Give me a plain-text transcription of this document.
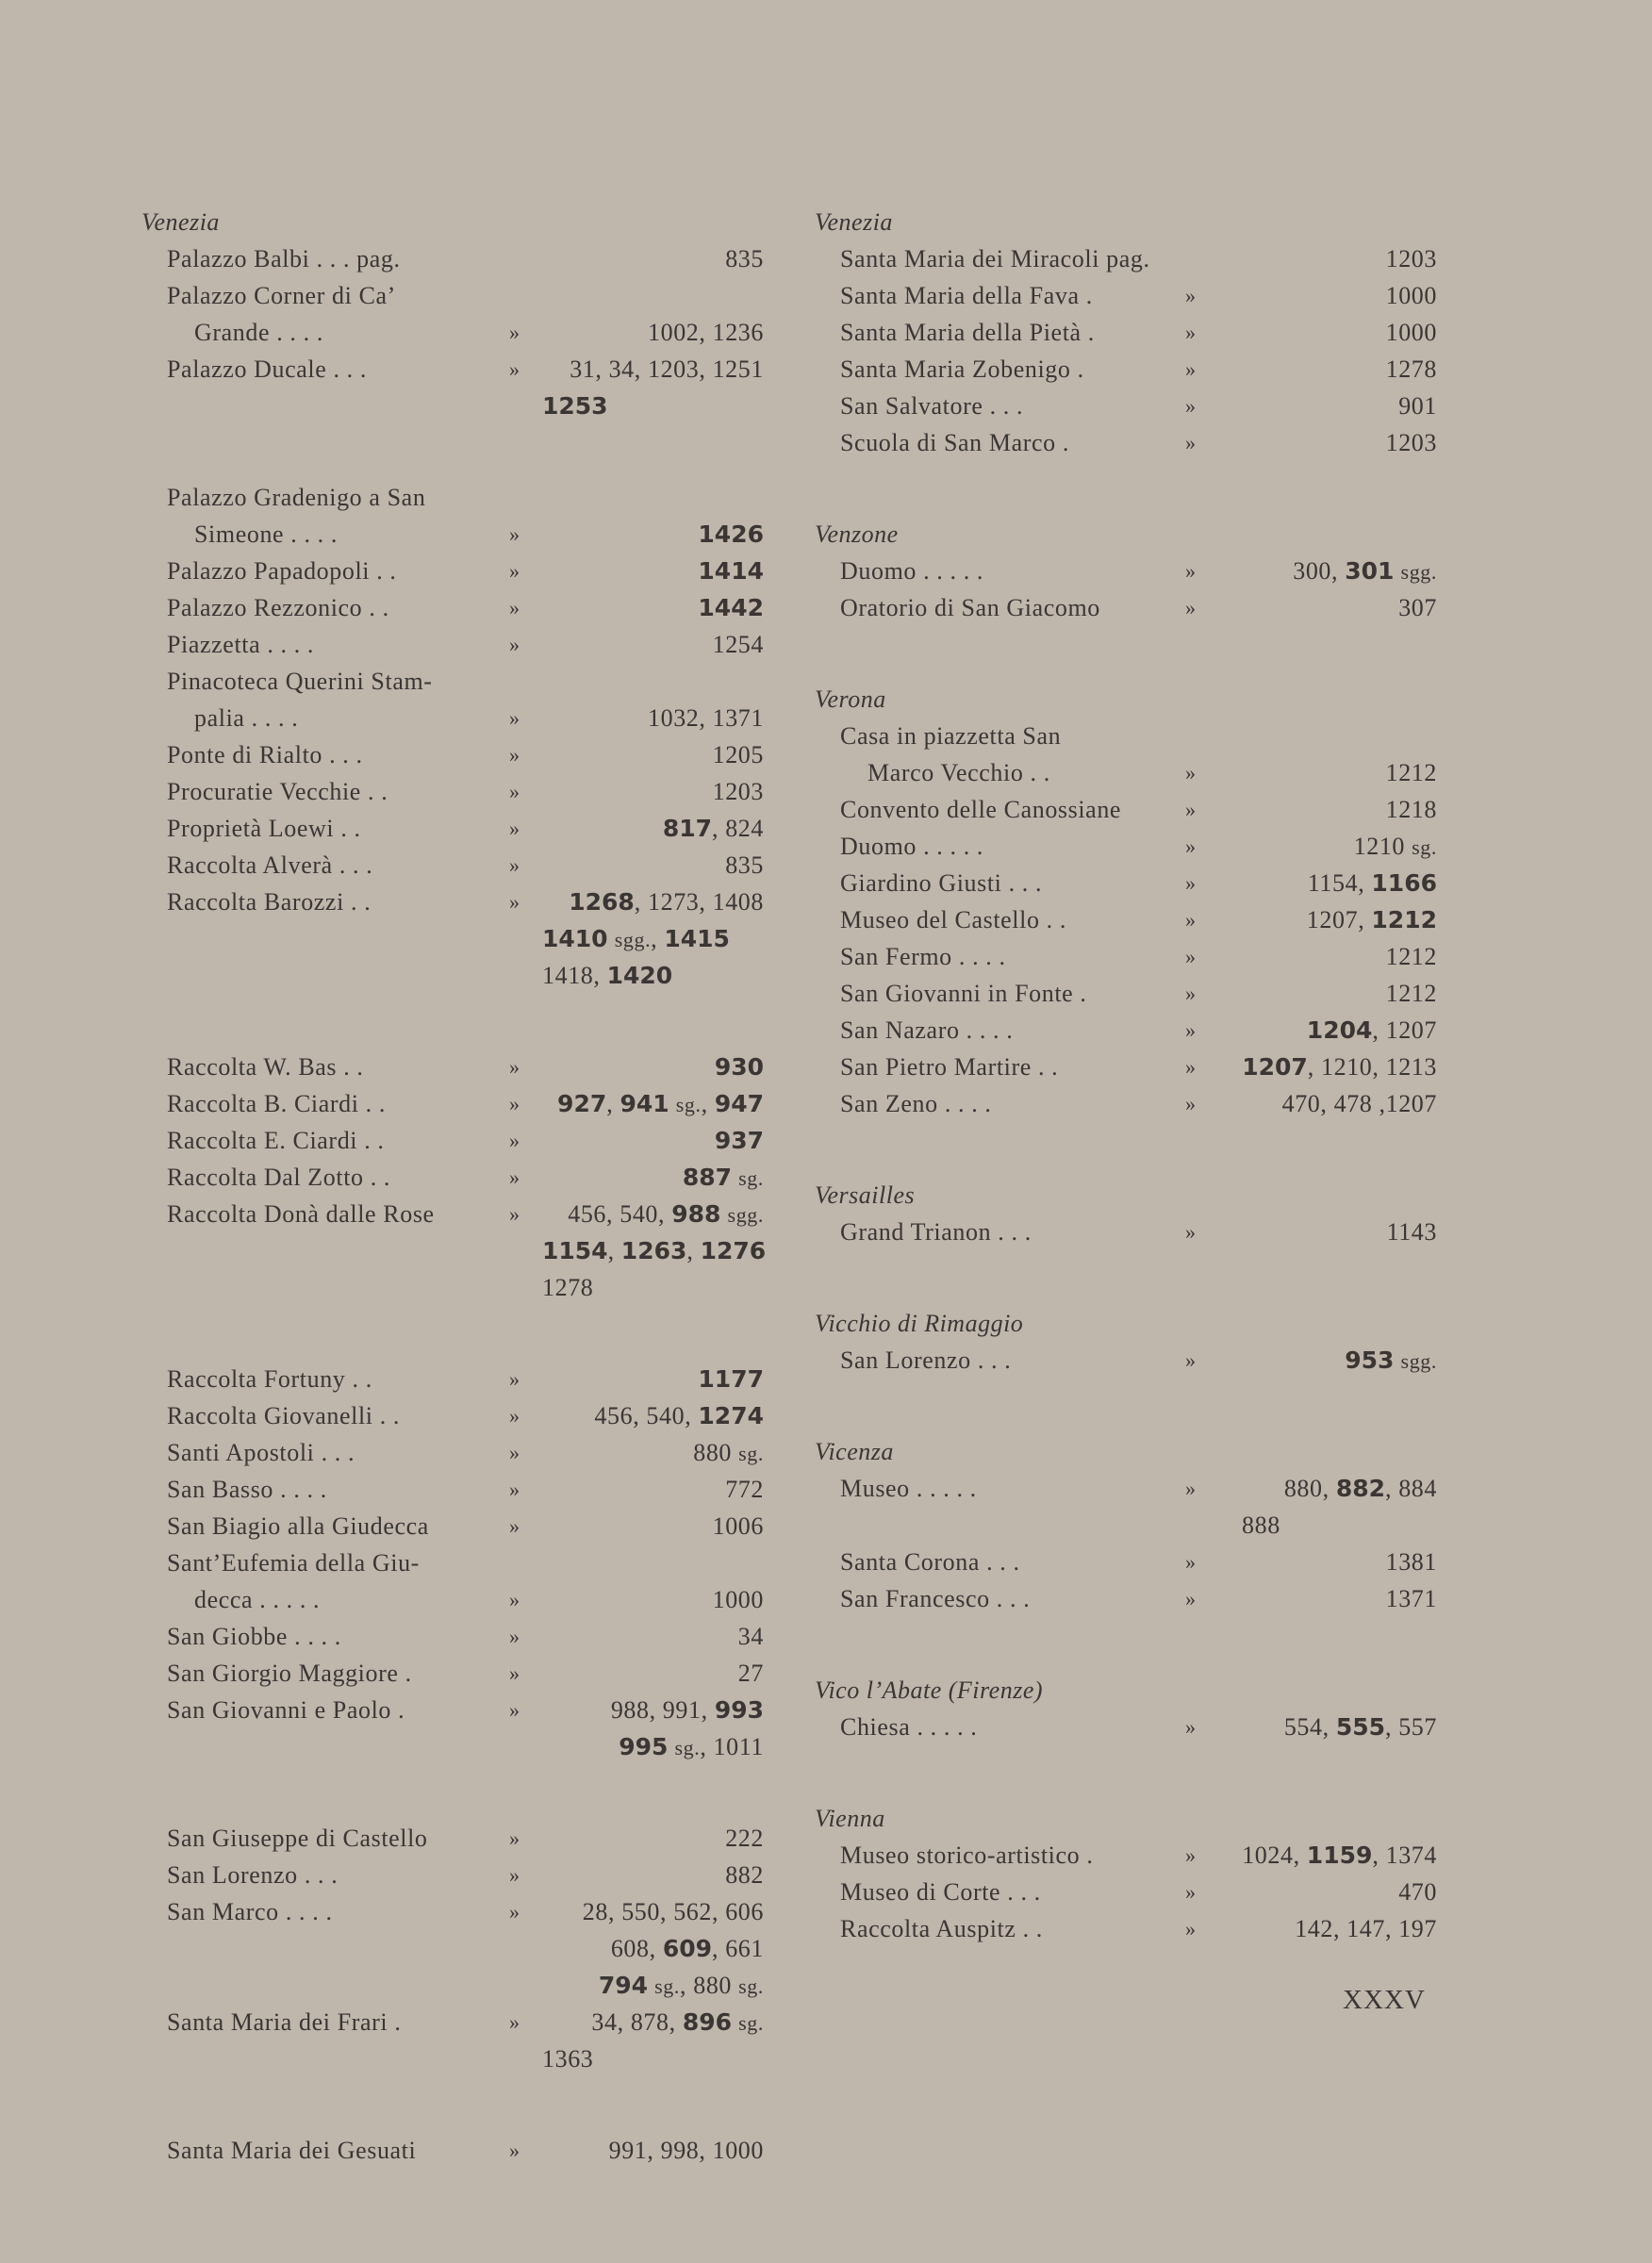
Venezia
Palazzo Balbi . . . pag.	835
Palazzo Corner di Ca’
Grande . . . .	»	1002, 1236
Palazzo Ducale . . .	»	31, 34, 1203, 1251
1253
Palazzo Gradenigo a San
Simeone . . . .	»	1426
Palazzo Papadopoli . .	»	1414
Palazzo Rezzonico . .	»	1442
Piazzetta . . . .	»	1254
Pinacoteca Querini Stam-
palia . . . .	»	1032, 1371
Ponte di Rialto . . .	»	1205
Procuratie Vecchie . .	»	1203
Proprietà Loewi . .	»	817, 824
Raccolta Alverà . . .	»	835
Raccolta Barozzi . .	»	1268, 1273, 1408
1410 sgg., 1415
1418, 1420
Raccolta W. Bas . .	»	930
Raccolta B. Ciardi . .	»	927, 941 sg., 947
Raccolta E. Ciardi . .	»	937
Raccolta Dal Zotto . .	»	887 sg.
Raccolta Donà dalle Rose	»	456, 540, 988 sgg.
1154, 1263, 1276
1278
Raccolta Fortuny . .	»	1177
Raccolta Giovanelli . .	»	456, 540, 1274
Santi Apostoli . . .	»	880 sg.
San Basso . . . .	»	772
San Biagio alla Giudecca	»	1006
Sant’Eufemia della Giu-
decca . . . . .	»	1000
San Giobbe . . . .	»	34
San Giorgio Maggiore .	»	27
San Giovanni e Paolo .	»	988, 991, 993
995 sg., 1011
San Giuseppe di Castello	»	222
San Lorenzo . . .	»	882
San Marco . . . .	»	28, 550, 562, 606
608, 609, 661
794 sg., 880 sg.
Santa Maria dei Frari .	»	34, 878, 896 sg.
1363
Santa Maria dei Gesuati	»	991, 998, 1000
Venezia
Santa Maria dei Miracoli pag.	1203
Santa Maria della Fava .	»	1000
Santa Maria della Pietà .	»	1000
Santa Maria Zobenigo .	»	1278
San Salvatore . . .	»	901
Scuola di San Marco .	»	1203
Venzone
Duomo . . . . .	»	300, 301 sgg.
Oratorio di San Giacomo	»	307
Verona
Casa in piazzetta San
Marco Vecchio . .	»	1212
Convento delle Canossiane	»	1218
Duomo . . . . .	»	1210 sg.
Giardino Giusti . . .	»	1154, 1166
Museo del Castello . .	»	1207, 1212
San Fermo . . . .	»	1212
San Giovanni in Fonte .	»	1212
San Nazaro . . . .	»	1204, 1207
San Pietro Martire . .	»	1207, 1210, 1213
San Zeno . . . .	»	470, 478 ,1207
Versailles
Grand Trianon . . .	»	1143
Vicchio di Rimaggio
San Lorenzo . . .	»	953 sgg.
Vicenza
Museo . . . . .	»	880, 882, 884
888
Santa Corona . . .	»	1381
San Francesco . . .	»	1371
Vico l’Abate (Firenze)
Chiesa . . . . .	»	554, 555, 557
Vienna
Museo storico-artistico .	»	1024, 1159, 1374
Museo di Corte . . .	»	470
Raccolta Auspitz . .	»	142, 147, 197
XXXV
